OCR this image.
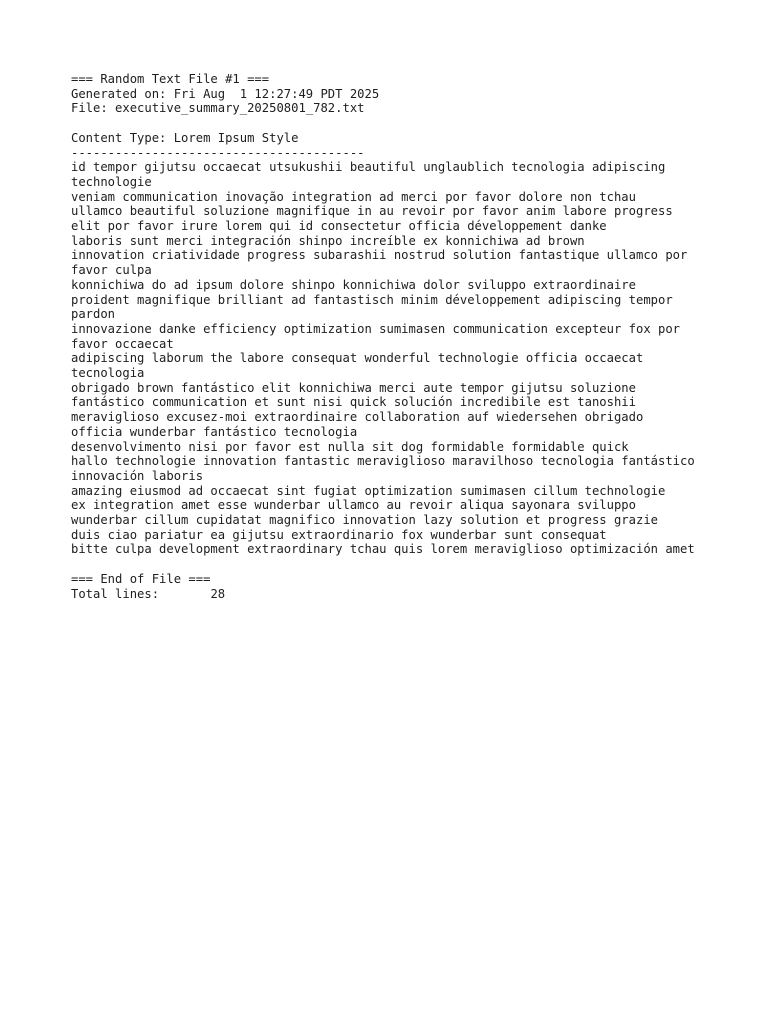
=== Random Text File #1 ===
Generated on: Fri Aug  1 12:27:49 PDT 2025
File: executive_summary_20250801_782.txt
Content Type: Lorem Ipsum Style
----------------------------------------
id tempor gijutsu occaecat utsukushii beautiful unglaublich tecnologia adipiscing technologie
veniam communication inovação integration ad merci por favor dolore non tchau
ullamco beautiful soluzione magnifique in au revoir por favor anim labore progress
elit por favor irure lorem qui id consectetur officia développement danke
laboris sunt merci integración shinpo increíble ex konnichiwa ad brown
innovation criatividade progress subarashii nostrud solution fantastique ullamco por favor culpa
konnichiwa do ad ipsum dolore shinpo konnichiwa dolor sviluppo extraordinaire
proident magnifique brilliant ad fantastisch minim développement adipiscing tempor pardon
innovazione danke efficiency optimization sumimasen communication excepteur fox por favor occaecat
adipiscing laborum the labore consequat wonderful technologie officia occaecat tecnologia
obrigado brown fantástico elit konnichiwa merci aute tempor gijutsu soluzione
fantástico communication et sunt nisi quick solución incredibile est tanoshii
meraviglioso excusez-moi extraordinaire collaboration auf wiedersehen obrigado officia wunderbar fantástico tecnologia
desenvolvimento nisi por favor est nulla sit dog formidable formidable quick
hallo technologie innovation fantastic meraviglioso maravilhoso tecnologia fantástico innovación laboris
amazing eiusmod ad occaecat sint fugiat optimization sumimasen cillum technologie
ex integration amet esse wunderbar ullamco au revoir aliqua sayonara sviluppo
wunderbar cillum cupidatat magnifico innovation lazy solution et progress grazie
duis ciao pariatur ea gijutsu extraordinario fox wunderbar sunt consequat
bitte culpa development extraordinary tchau quis lorem meraviglioso optimización amet
=== End of File ===
Total lines:	28
